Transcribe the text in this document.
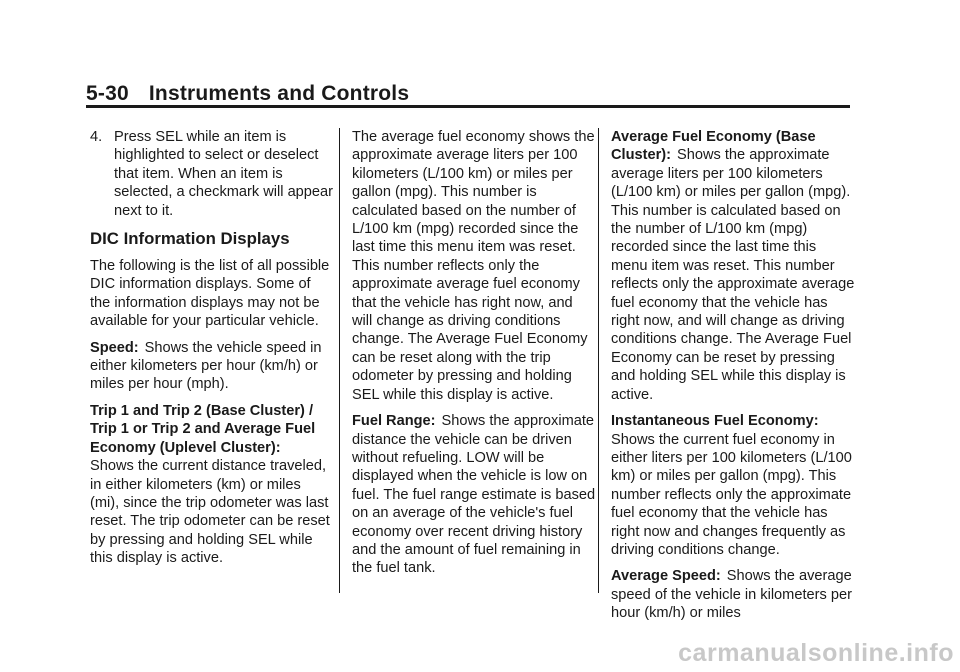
5-30 Instruments and Controls
4. Press SEL while an item is highlighted to select or deselect that item. When an item is selected, a checkmark will appear next to it.
DIC Information Displays

The following is the list of all possible DIC information displays. Some of the information displays may not be available for your particular vehicle.

Speed: Shows the vehicle speed in either kilometers per hour (km/h) or miles per hour (mph).

Trip 1 and Trip 2 (Base Cluster) / Trip 1 or Trip 2 and Average Fuel Economy (Uplevel Cluster):
Shows the current distance traveled, in either kilometers (km) or miles (mi), since the trip odometer was last reset. The trip odometer can be reset by pressing and holding SEL while this display is active.

The average fuel economy shows the approximate average liters per 100 kilometers (L/100 km) or miles per gallon (mpg). This number is calculated based on the number of L/100 km (mpg) recorded since the last time this menu item was reset. This number reflects only the approximate average fuel economy that the vehicle has right now, and will change as driving conditions change. The Average Fuel Economy can be reset along with the trip odometer by pressing and holding SEL while this display is active.

Fuel Range: Shows the approximate distance the vehicle can be driven without refueling. LOW will be displayed when the vehicle is low on fuel. The fuel range estimate is based on an average of the vehicle's fuel economy over recent driving history and the amount of fuel remaining in the fuel tank.

Average Fuel Economy (Base Cluster): Shows the approximate average liters per 100 kilometers (L/100 km) or miles per gallon (mpg). This number is calculated based on the number of L/100 km (mpg) recorded since the last time this menu item was reset. This number reflects only the approximate average fuel economy that the vehicle has right now, and will change as driving conditions change. The Average Fuel Economy can be reset by pressing and holding SEL while this display is active.

Instantaneous Fuel Economy:
Shows the current fuel economy in either liters per 100 kilometers (L/100 km) or miles per gallon (mpg). This number reflects only the approximate fuel economy that the vehicle has right now and changes frequently as driving conditions change.

Average Speed: Shows the average speed of the vehicle in kilometers per hour (km/h) or miles

carmanualsonline.info
